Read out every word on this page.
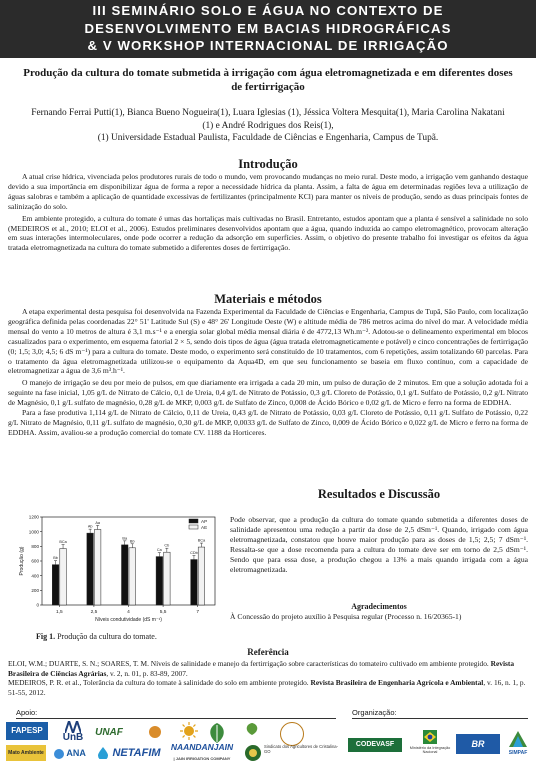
III SEMINÁRIO SOLO E ÁGUA NO CONTEXTO DE
DESENVOLVIMENTO EM BACIAS HIDROGRÁFICAS
& V WORKSHOP INTERNACIONAL DE IRRIGAÇÃO
Produção da cultura do tomate submetida à irrigação com água eletromagnetizada e em diferentes doses de fertirrigação
Fernando Ferrai Putti(1), Bianca Bueno Nogueira(1), Luara Iglesias (1), Jéssica Voltera Mesquita(1), Maria Carolina Nakatani (1) e André Rodrigues dos Reis(1),
(1) Universidade Estadual Paulista, Faculdade de Ciências e Engenharia, Campus de Tupã.
Introdução

A atual crise hídrica, vivenciada pelos produtores rurais de todo o mundo, vem provocando mudanças no meio rural. Deste modo, a irrigação vem ganhando destaque devido a sua importância em disponibilizar água de forma a repor a necessidade hídrica da planta. Assim, a falta de água em determinadas regiões leva a utilização de águas salobras e também a aplicação de quantidade excessivas de fertilizantes (principalmente KCl) para manter os níveis de produção, sendo as duas principais fontes de salinização do solo.

Em ambiente protegido, a cultura do tomate é umas das hortaliças mais cultivadas no Brasil. Entretanto, estudos apontam que a planta é sensível a salinidade no solo (MEDEIROS et al., 2010; ELOI et al., 2006). Estudos preliminares desenvolvidos apontam que a água, quando induzida ao campo eletromagnético, provocam alteração em suas interações intermoleculares, onde pode ocorrer a redução da adsorção em superfícies. Assim, o objetivo do presente trabalho foi investigar os efeitos da água tratada eletromagnetizada na cultura do tomate submetido a diferentes doses de fertirrigação.

Materiais e métodos

A etapa experimental desta pesquisa foi desenvolvida na Fazenda Experimental da Faculdade de Ciências e Engenharia, Campus de Tupã, São Paulo, com localização geográfica definida pelas coordenadas 22° 51' Latitude Sul (S) e 48° 26' Longitude Oeste (W) e altitude média de 786 metros acima do nível do mar. A velocidade média mensal do vento a 10 metros de altura é 3,1 m.s⁻¹ e a energia solar global média mensal diária é de 4772,13 Wh.m⁻². Adotou-se o delineamento experimental em blocos casualizados para o experimento, em esquema fatorial 2 × 5, sendo dois tipos de água (água tratada eletromagneticamente e potável) e cinco concentrações de fertirrigação (0; 1,5; 3,0; 4,5; 6 dS m⁻¹) para a cultura do tomate. Deste modo, o experimento será constituído de 10 tratamentos, com 6 repetições, assim totalizando 60 parcelas. Para o tratamento da água eletromagnetizada utilizou-se o equipamento da Aqua4D, em que seu funcionamento se baseia em fluxo contínuo, com a capacidade de eletromagnetizar a água de 3,6 m³.h⁻¹.

O manejo de irrigação se deu por meio de pulsos, em que diariamente era irrigada a cada 20 min, um pulso de duração de 2 minutos. Em que a solução adotada foi a seguinte na fase inicial, 1,05 g/L de Nitrato de Cálcio, 0,1 de Ureia, 0,4 g/L de Nitrato de Potássio, 0,3 g/L Cloreto de Potássio, 0,1 g/L Sulfato de Potássio, 0,2 g/L Nitrato de Magnésio, 0,1 g/L sulfato de magnésio, 0,28 g/L de MKP, 0,003 g/L de Sulfato de Zinco, 0,008 de Ácido Bórico e 0,02 g/L de Micro e ferro na forma de EDDHA.

Para a fase produtiva 1,114 g/L de Nitrato de Cálcio, 0,11 de Ureia, 0,43 g/L de Nitrato de Potássio, 0,03 g/L Cloreto de Potássio, 0,11 g/L Sulfato de Potássio, 0,22 g/L Nitrato de Magnésio, 0,11 g/L sulfato de magnésio, 0,30 g/L de MKP, 0,0033 g/L de Sulfato de Zinco, 0,009 de Ácido Bórico e 0,022 g/L de Micro e ferro na forma de EDDHA. Assim, avaliou-se a produção comercial do tomate CV. 1188 da Horticeres.

Resultados e Discussão
Pode observar, que a produção da cultura do tomate quando submetida a diferentes doses de salinidade apresentou uma redução a partir da dose de 2,5 dSm⁻¹. Quando, irrigado com água eletromagnetizada, constatou que houve maior produção para as doses de 1,5; 2,5; 7 dSm⁻¹. Ressalta-se que a dose recomenda para a cultura do tomate deve ser em torno de 2,5 dSm⁻¹. Sendo que para essa dose, a produção chegou a 13% a mais quando irrigada com a água eletromagnetizada.
0
200
400
600
800
1000
1200
Produção (g)
Níveis condutividade (dS m⁻¹)
1,5	2,5	4	5,5	7
AP
AE
Bb
BCa
Ab
Aa
Ba
Bb
Ca
Cb
CDb
BCa
Fig 1. Produção da cultura do tomate.
Agradecimentos
À Concessão do projeto auxílio à Pesquisa regular (Processo n. 16/20365-1)
Referência

ELOI, W.M.; DUARTE, S. N.; SOARES, T. M. Níveis de salinidade e manejo da fertirrigação sobre características do tomateiro cultivado em ambiente protegido. Revista Brasileira de Ciências Agrárias, v. 2, n. 01, p. 83-89, 2007.

MEDEIROS, P. R. et al., Tolerância da cultura do tomate à salinidade do solo em ambiente protegido. Revista Brasileira de Engenharia Agrícola e Ambiental, v. 16, n. 1, p. 51-55, 2012.

Apoio:	Organização:
FAPESP
UnB	UNAF
Mato Ambiente	ANA	NETAFIM	NAANDANJAIN
| JAIN IRRIGATION COMPANY
Sindicato dos Agricultores de Cristalina-GO
CODEVASF	Ministério da Integração Nacional
BR
SIMPAF
